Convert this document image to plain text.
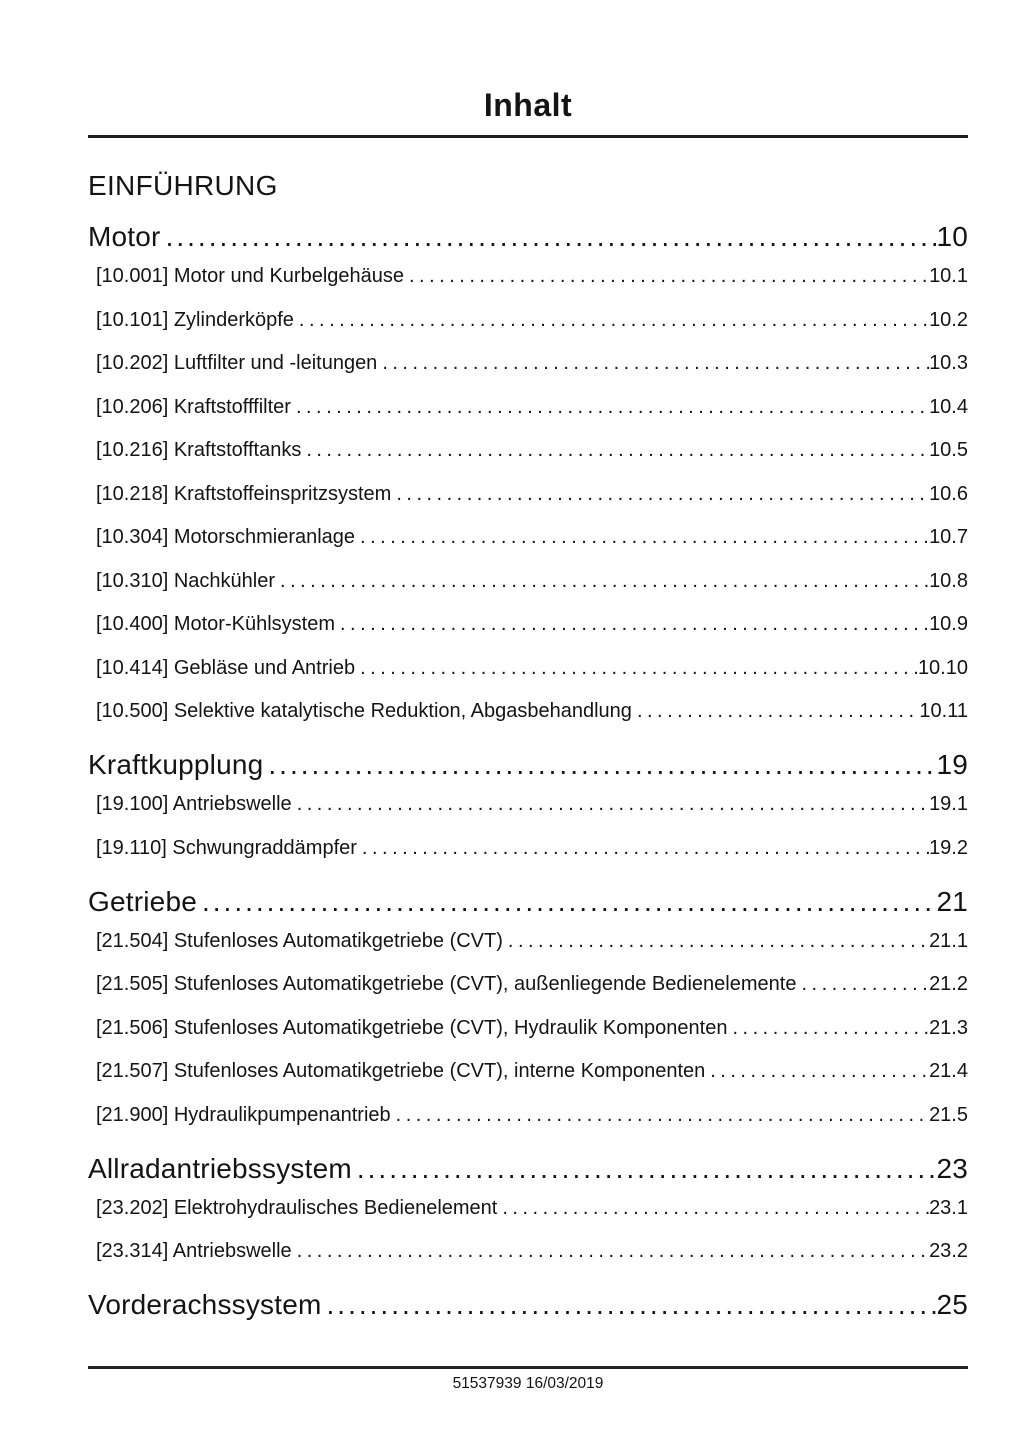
Inhalt
EINFÜHRUNG
Motor .....	10
[10.001] Motor und Kurbelgehäuse .....	10.1
[10.101] Zylinderköpfe .....	10.2
[10.202] Luftfilter und -leitungen .....	10.3
[10.206] Kraftstofffilter .....	10.4
[10.216] Kraftstofftanks .....	10.5
[10.218] Kraftstoffeinspritzsystem .....	10.6
[10.304] Motorschmieranlage .....	10.7
[10.310] Nachkühler .....	10.8
[10.400] Motor-Kühlsystem .....	10.9
[10.414] Gebläse und Antrieb .....	10.10
[10.500] Selektive katalytische Reduktion, Abgasbehandlung .....	10.11
Kraftkupplung .....	19
[19.100] Antriebswelle .....	19.1
[19.110] Schwungraddämpfer .....	19.2
Getriebe .....	21
[21.504] Stufenloses Automatikgetriebe (CVT) .....	21.1
[21.505] Stufenloses Automatikgetriebe (CVT), außenliegende Bedienelemente .....	21.2
[21.506] Stufenloses Automatikgetriebe (CVT), Hydraulik Komponenten .....	21.3
[21.507] Stufenloses Automatikgetriebe (CVT), interne Komponenten .....	21.4
[21.900] Hydraulikpumpenantrieb .....	21.5
Allradantriebssystem .....	23
[23.202] Elektrohydraulisches Bedienelement .....	23.1
[23.314] Antriebswelle .....	23.2
Vorderachssystem .....	25
51537939 16/03/2019
